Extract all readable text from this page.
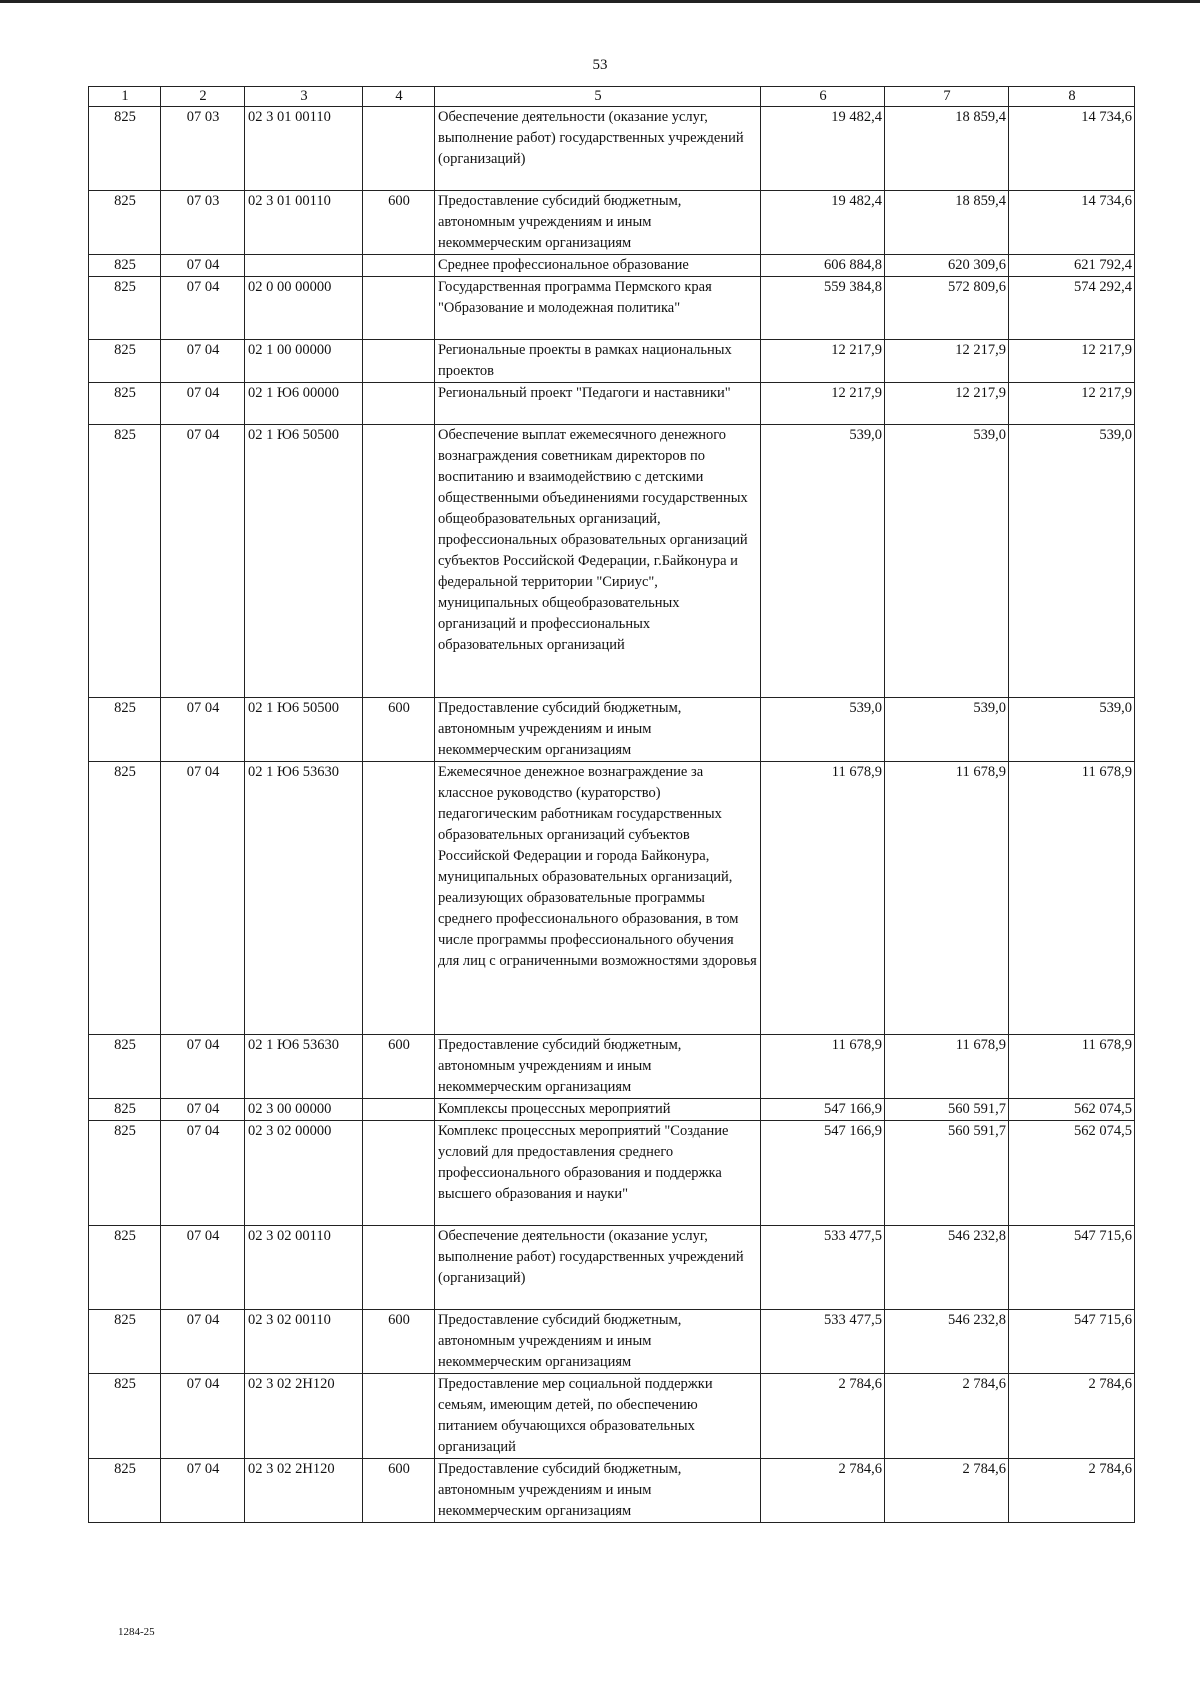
53
1	2	3	4	5	6	7	8
825	07 03	02 3 01 00110		Обеспечение деятельности (оказание услуг, выполнение работ) государственных учреждений (организаций)	19 482,4	18 859,4	14 734,6
825	07 03	02 3 01 00110	600	Предоставление субсидий бюджетным, автономным учреждениям и иным некоммерческим организациям	19 482,4	18 859,4	14 734,6
825	07 04			Среднее профессиональное образование	606 884,8	620 309,6	621 792,4
825	07 04	02 0 00 00000		Государственная программа Пермского края "Образование и молодежная политика"	559 384,8	572 809,6	574 292,4
825	07 04	02 1 00 00000		Региональные проекты в рамках национальных проектов	12 217,9	12 217,9	12 217,9
825	07 04	02 1 Ю6 00000		Региональный проект "Педагоги и наставники"	12 217,9	12 217,9	12 217,9
825	07 04	02 1 Ю6 50500		Обеспечение выплат ежемесячного денежного вознаграждения советникам директоров по воспитанию и взаимодействию с детскими общественными объединениями государственных общеобразовательных организаций, профессиональных образовательных организаций субъектов Российской Федерации, г.Байконура и федеральной территории "Сириус", муниципальных общеобразовательных организаций и профессиональных образовательных организаций	539,0	539,0	539,0
825	07 04	02 1 Ю6 50500	600	Предоставление субсидий бюджетным, автономным учреждениям и иным некоммерческим организациям	539,0	539,0	539,0
825	07 04	02 1 Ю6 53630		Ежемесячное денежное вознаграждение за классное руководство (кураторство) педагогическим работникам государственных образовательных организаций субъектов Российской Федерации и города Байконура, муниципальных образовательных организаций, реализующих образовательные программы среднего профессионального образования, в том числе программы профессионального обучения для лиц с ограниченными возможностями здоровья	11 678,9	11 678,9	11 678,9
825	07 04	02 1 Ю6 53630	600	Предоставление субсидий бюджетным, автономным учреждениям и иным некоммерческим организациям	11 678,9	11 678,9	11 678,9
825	07 04	02 3 00 00000		Комплексы процессных мероприятий	547 166,9	560 591,7	562 074,5
825	07 04	02 3 02 00000		Комплекс процессных мероприятий "Создание условий для предоставления среднего профессионального образования и поддержка высшего образования и науки"	547 166,9	560 591,7	562 074,5
825	07 04	02 3 02 00110		Обеспечение деятельности (оказание услуг, выполнение работ) государственных учреждений (организаций)	533 477,5	546 232,8	547 715,6
825	07 04	02 3 02 00110	600	Предоставление субсидий бюджетным, автономным учреждениям и иным некоммерческим организациям	533 477,5	546 232,8	547 715,6
825	07 04	02 3 02 2Н120		Предоставление мер социальной поддержки семьям, имеющим детей, по обеспечению питанием обучающихся образовательных организаций	2 784,6	2 784,6	2 784,6
825	07 04	02 3 02 2Н120	600	Предоставление субсидий бюджетным, автономным учреждениям и иным некоммерческим организациям	2 784,6	2 784,6	2 784,6
1284-25
